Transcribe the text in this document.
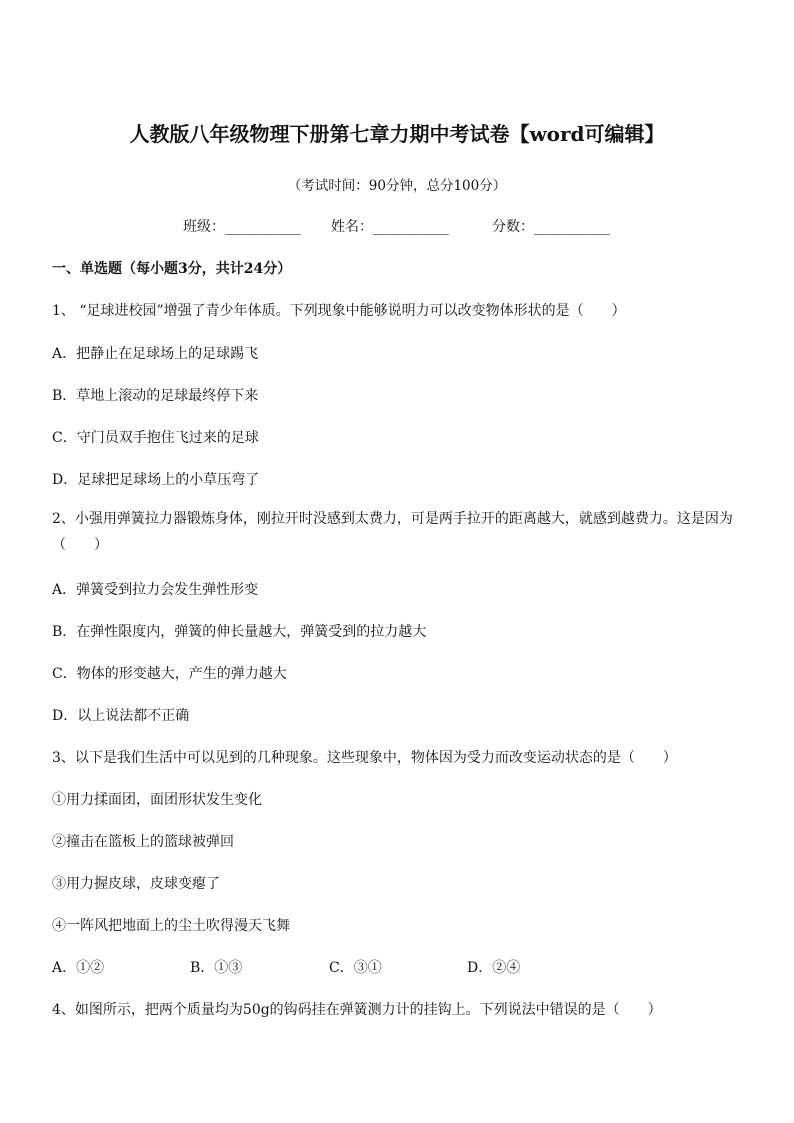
人教版八年级物理下册第七章力期中考试卷【word可编辑】
（考试时间：90分钟，总分100分）
班级：_________ 姓名：_________	分数：_________
一、单选题（每小题3分，共计24分）
1、 “足球进校园”增强了青少年体质。下列现象中能够说明力可以改变物体形状的是（　　）
A．把静止在足球场上的足球踢飞
B．草地上滚动的足球最终停下来
C．守门员双手抱住飞过来的足球
D．足球把足球场上的小草压弯了
2、小强用弹簧拉力器锻炼身体，刚拉开时没感到太费力，可是两手拉开的距离越大，就感到越费力。这是因为（　　）
A．弹簧受到拉力会发生弹性形变
B．在弹性限度内，弹簧的伸长量越大，弹簧受到的拉力越大
C．物体的形变越大，产生的弹力越大
D．以上说法都不正确
3、以下是我们生活中可以见到的几种现象。这些现象中，物体因为受力而改变运动状态的是（　　）
①用力揉面团，面团形状发生变化
②撞击在篮板上的篮球被弹回
③用力握皮球，皮球变瘪了
④一阵风把地面上的尘土吹得漫天飞舞
A．①②	B．①③	C．③①	D．②④
4、如图所示，把两个质量均为50g的钩码挂在弹簧测力计的挂钩上。下列说法中错误的是（　　）
